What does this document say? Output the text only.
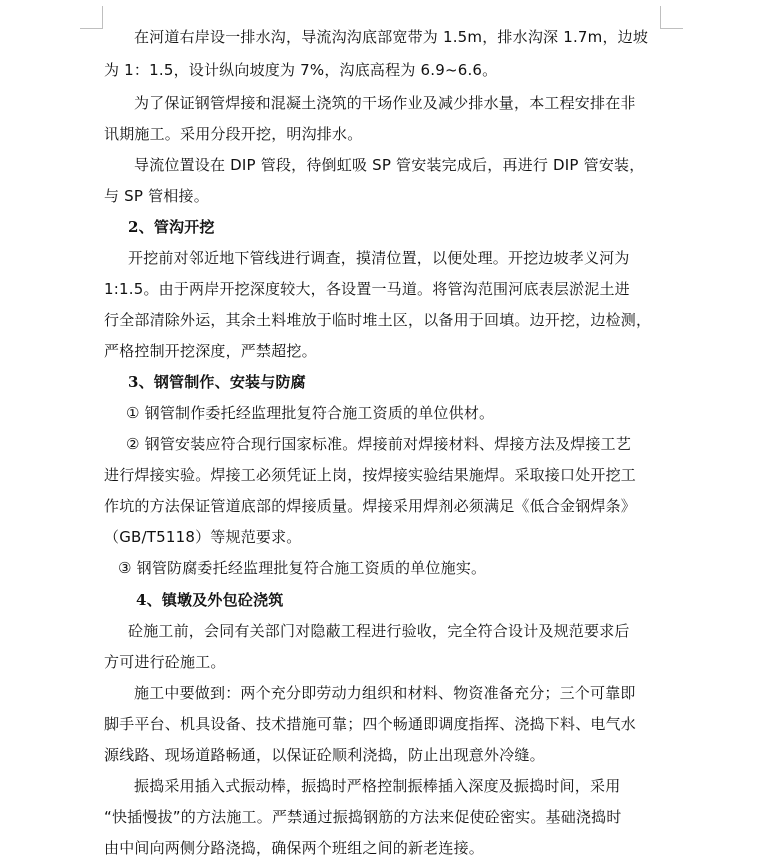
在河道右岸设一排水沟，导流沟沟底部宽带为 1.5m，排水沟深 1.7m，边坡
为 1：1.5，设计纵向坡度为 7%，沟底高程为 6.9~6.6。
为了保证钢管焊接和混凝土浇筑的干场作业及减少排水量，本工程安排在非
讯期施工。采用分段开挖，明沟排水。
导流位置设在 DIP 管段，待倒虹吸 SP 管安装完成后，再进行 DIP 管安装，
与 SP 管相接。
2、管沟开挖
开挖前对邻近地下管线进行调查，摸清位置，以便处理。开挖边坡孝义河为
1:1.5。由于两岸开挖深度较大，各设置一马道。将管沟范围河底表层淤泥土进
行全部清除外运，其余土料堆放于临时堆土区，以备用于回填。边开挖，边检测，
严格控制开挖深度，严禁超挖。
3、钢管制作、安装与防腐
① 钢管制作委托经监理批复符合施工资质的单位供材。
② 钢管安装应符合现行国家标准。焊接前对焊接材料、焊接方法及焊接工艺
进行焊接实验。焊接工必须凭证上岗，按焊接实验结果施焊。采取接口处开挖工
作坑的方法保证管道底部的焊接质量。焊接采用焊剂必须满足《低合金钢焊条》
（GB/T5118）等规范要求。
③ 钢管防腐委托经监理批复符合施工资质的单位施实。
4、镇墩及外包砼浇筑
砼施工前，会同有关部门对隐蔽工程进行验收，完全符合设计及规范要求后
方可进行砼施工。
施工中要做到：两个充分即劳动力组织和材料、物资准备充分；三个可靠即
脚手平台、机具设备、技术措施可靠；四个畅通即调度指挥、浇捣下料、电气水
源线路、现场道路畅通，以保证砼顺利浇捣，防止出现意外冷缝。
振捣采用插入式振动棒，振捣时严格控制振棒插入深度及振捣时间，采用
“快插慢拔”的方法施工。严禁通过振捣钢筋的方法来促使砼密实。基础浇捣时
由中间向两侧分路浇捣，确保两个班组之间的新老连接。
